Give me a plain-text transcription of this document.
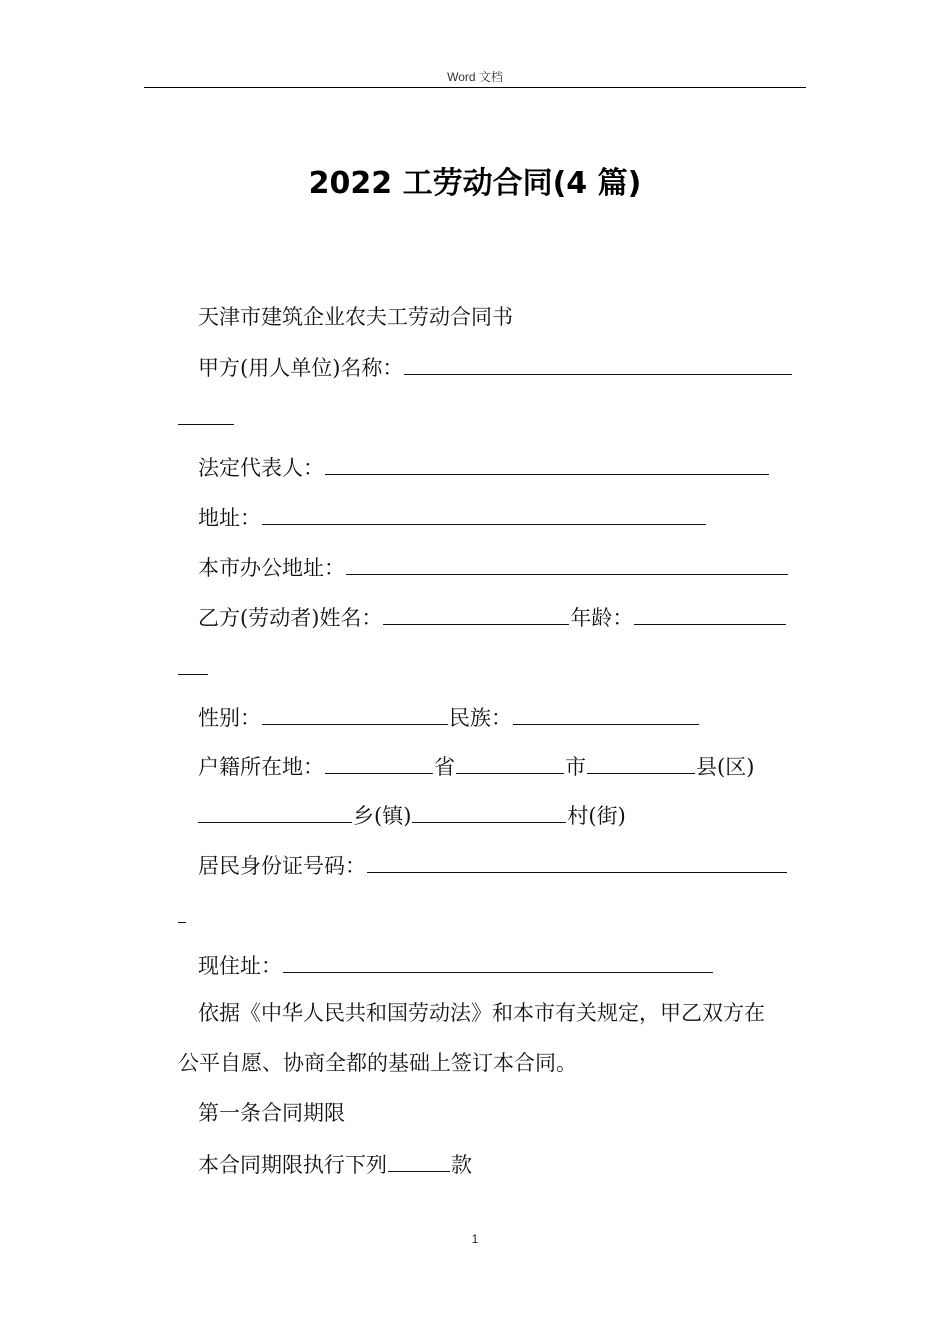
Word 文档
2022 工劳动合同(4 篇)
天津市建筑企业农夫工劳动合同书
甲方(用人单位)名称：
法定代表人：
地址：
本市办公地址：
乙方(劳动者)姓名：	年龄：
性别：	民族：
户籍所在地：	省	市	县(区)
乡(镇)	村(街)
居民身份证号码：
现住址：
依据《中华人民共和国劳动法》和本市有关规定，甲乙双方在
公平自愿、协商全都的基础上签订本合同。
第一条合同期限
本合同期限执行下列	款
1
